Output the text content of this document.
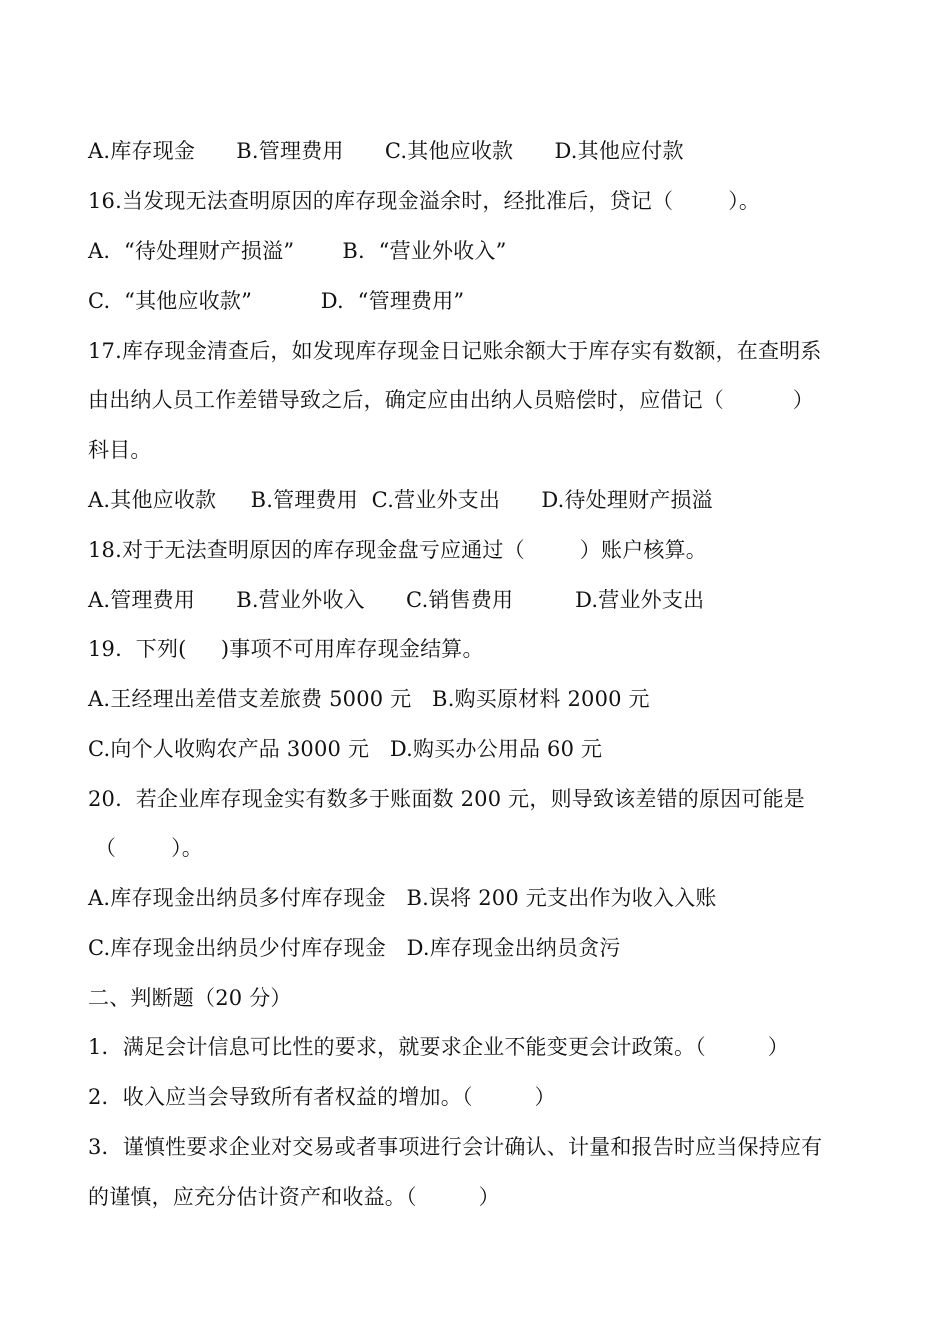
A.库存现金      B.管理费用      C.其他应收款      D.其他应付款
16.当发现无法查明原因的库存现金溢余时，经批准后，贷记（        ）。
A.  “待处理财产损溢”       B.  “营业外收入”
C.  “其他应收款”          D.  “管理费用”
17.库存现金清查后，如发现库存现金日记账余额大于库存实有数额，在查明系
由出纳人员工作差错导致之后，确定应由出纳人员赔偿时，应借记（          ）
科目。
A.其他应收款     B.管理费用  C.营业外支出      D.待处理财产损溢
18.对于无法查明原因的库存现金盘亏应通过（        ）账户核算。
A.管理费用      B.营业外收入      C.销售费用         D.营业外支出
19.  下列(     )事项不可用库存现金结算。
A.王经理出差借支差旅费 5000 元   B.购买原材料 2000 元
C.向个人收购农产品 3000 元   D.购买办公用品 60 元
20.  若企业库存现金实有数多于账面数 200 元，则导致该差错的原因可能是
（        ）。
A.库存现金出纳员多付库存现金   B.误将 200 元支出作为收入入账
C.库存现金出纳员少付库存现金   D.库存现金出纳员贪污
二、判断题（20 分）
1．满足会计信息可比性的要求，就要求企业不能变更会计政策。（         ）
2．收入应当会导致所有者权益的增加。（         ）
3．谨慎性要求企业对交易或者事项进行会计确认、计量和报告时应当保持应有
的谨慎，应充分估计资产和收益。（         ）
